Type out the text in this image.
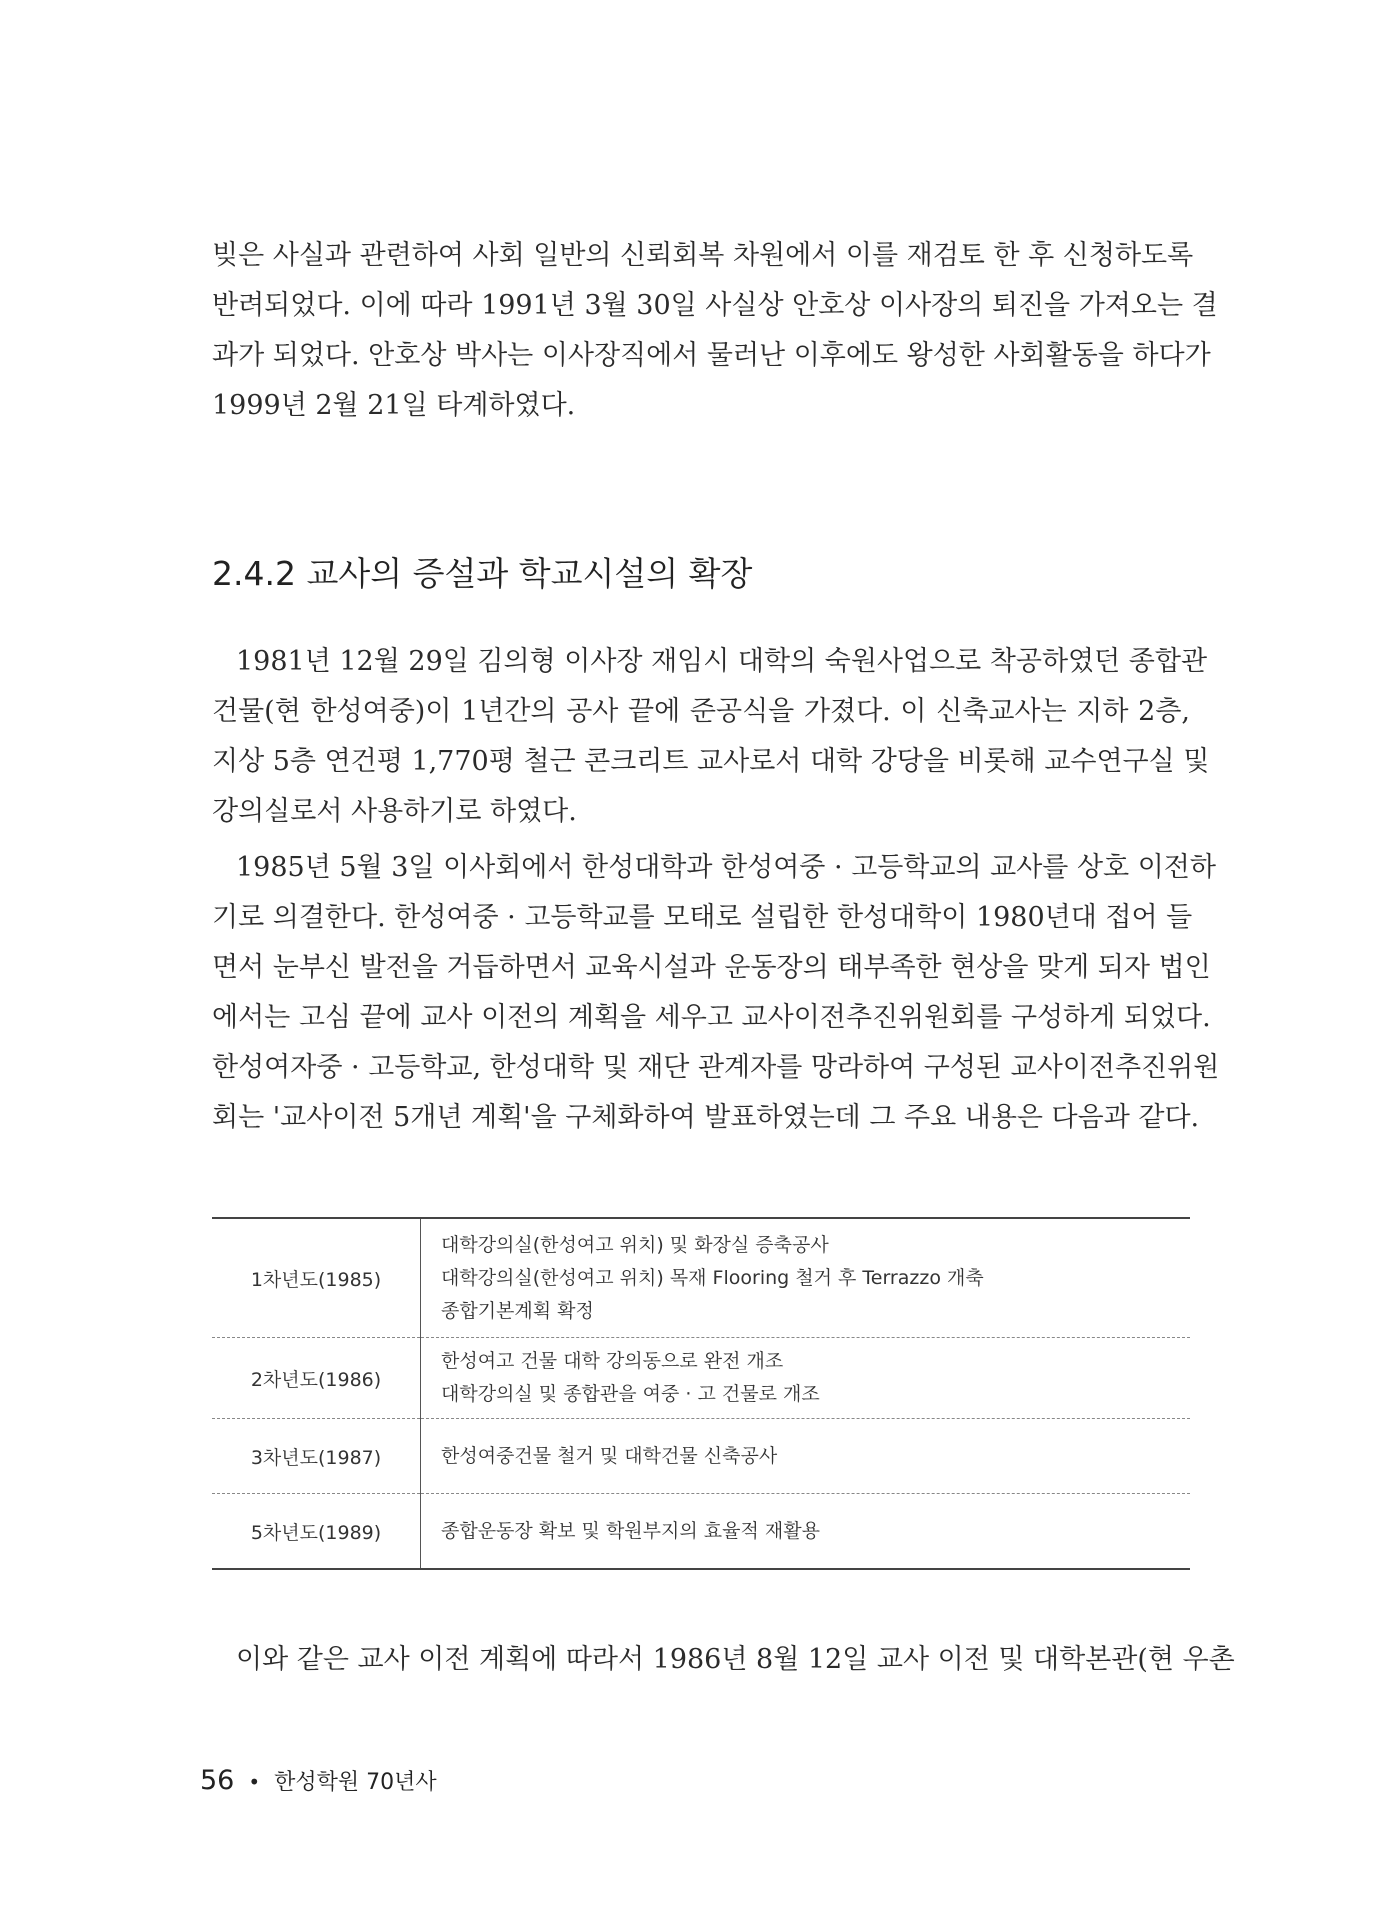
빚은 사실과 관련하여 사회 일반의 신뢰회복 차원에서 이를 재검토 한 후 신청하도록
반려되었다. 이에 따라 1991년 3월 30일 사실상 안호상 이사장의 퇴진을 가져오는 결
과가 되었다. 안호상 박사는 이사장직에서 물러난 이후에도 왕성한 사회활동을 하다가
1999년 2월 21일 타계하였다.

2.4.2 교사의 증설과 학교시설의 확장

1981년 12월 29일 김의형 이사장 재임시 대학의 숙원사업으로 착공하였던 종합관
건물(현 한성여중)이 1년간의 공사 끝에 준공식을 가졌다. 이 신축교사는 지하 2층,
지상 5층 연건평 1,770평 철근 콘크리트 교사로서 대학 강당을 비롯해 교수연구실 및
강의실로서 사용하기로 하였다.

1985년 5월 3일 이사회에서 한성대학과 한성여중 · 고등학교의 교사를 상호 이전하
기로 의결한다. 한성여중 · 고등학교를 모태로 설립한 한성대학이 1980년대 접어 들
면서 눈부신 발전을 거듭하면서 교육시설과 운동장의 태부족한 현상을 맞게 되자 법인
에서는 고심 끝에 교사 이전의 계획을 세우고 교사이전추진위원회를 구성하게 되었다.
한성여자중 · 고등학교, 한성대학 및 재단 관계자를 망라하여 구성된 교사이전추진위원
회는 '교사이전 5개년 계획'을 구체화하여 발표하였는데 그 주요 내용은 다음과 같다.

1차년도(1985)	대학강의실(한성여고 위치) 및 화장실 증축공사
대학강의실(한성여고 위치) 목재 Flooring 철거 후 Terrazzo 개축
종합기본계획 확정

2차년도(1986)	한성여고 건물 대학 강의동으로 완전 개조
대학강의실 및 종합관을 여중 · 고 건물로 개조

3차년도(1987)	한성여중건물 철거 및 대학건물 신축공사

5차년도(1989)	종합운동장 확보 및 학원부지의 효율적 재활용

이와 같은 교사 이전 계획에 따라서 1986년 8월 12일 교사 이전 및 대학본관(현 우촌

56 • 한성학원 70년사
